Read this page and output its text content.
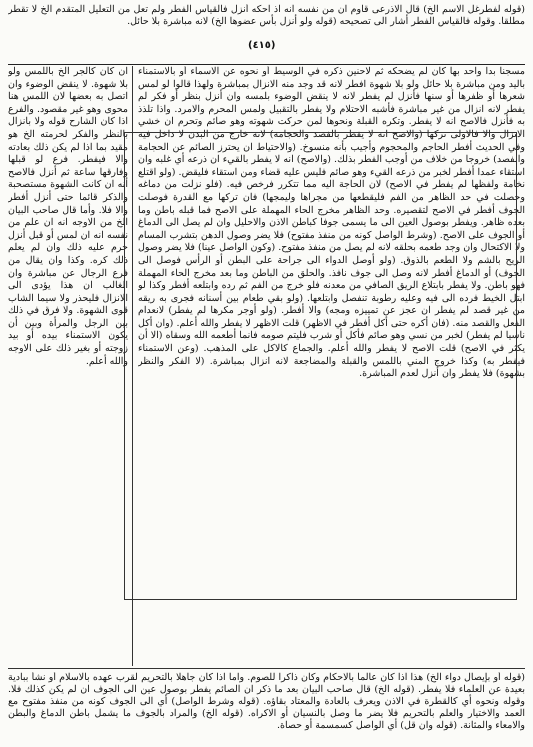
(قوله لفطرغل الاسم الخ) قال الاذرعى قاوم ان من نفسه انه اذ احكه أنزل فالقياس الفطر ولم تعل من التعليل المتقدم الخ لا تقطر مطلقا. وقوله فالقياس الفطر أشار الى تصحيحه (قوله ولو أنزل بأس عضوها الخ) لانه مباشرة بلا حائل.
(٤١٥)
مسجنا بدا واحد بها كان لم يضحكه ثم لاحنين ذكره في الوسيط أو نحوه عن الاسماء أو بالاستمناء باليد ومن مباشرة بلا حائل ولو بلا شهوة افطر لانه قد وجد منه الانزال بمباشرة ولهذا قالوا لو لمس شعرها أو ظفرها أو سنها فأنزل لم يفطر لانه لا ينقض الوضوء بلمسه وان أنزل بنظر أو فكر لم يفطر لانه انزال من غير مباشرة فأشبه الاحتلام ولا يفطر بالتقبيل ولمس المحرم والامرد. واذا تلذذ به فأنزل فالاصح انه لا يفطر. وتكره القبلة ونحوها لمن حركت شهوته وهو صائم وتحرم ان خشي الانزال والا فالاولى تركها (والاصح انه لا يفطر بالفصد والحجامة) لانه خارج من البدن لا داخل فيه وفي الحديث أفطر الحاجم والمحجوم وأجيب بأنه منسوخ. (والاحتياط ان يحترز الصائم عن الحجامة والفصد) خروجا من خلاف من أوجب الفطر بذلك. (والاصح) انه لا يفطر بالقيء ان ذرعه أي غلبه وان استقاء عمدا أفطر لخبر من ذرعه القيء وهو صائم فليس عليه قضاء ومن استقاء فليقض. (ولو اقتلع نخامة ولفظها لم يفطر في الاصح) لان الحاجة اليه مما تتكرر فرخص فيه. (فلو نزلت من دماغه وحصلت في حد الظاهر من الفم فليقطعها من مجراها وليمجها) فان تركها مع القدرة فوصلت الجوف أفطر في الاصح لتقصيره. وحد الظاهر مخرج الحاء المهملة على الاصح فما قبله باطن وما بعده ظاهر. ويفطر بوصول العين الى ما يسمى جوفا كباطن الاذن والاحليل وان لم يصل الى الدماغ أو الجوف على الاصح. (وشرط الواصل كونه من منفذ مفتوح) فلا يضر وصول الدهن بتشرب المسام ولا الاكتحال وان وجد طعمه بحلقه لانه لم يصل من منفذ مفتوح. (وكون الواصل عينا) فلا يضر وصول الريح بالشم ولا الطعم بالذوق. (ولو أوصل الدواء الى جراحة على البطن أو الرأس فوصل الى الجوف) أو الدماغ أفطر لانه وصل الى جوف نافذ. والحلق من الباطن وما بعد مخرج الحاء المهملة فهو باطن. ولا يفطر بابتلاع الريق الصافي من معدنه فلو خرج من الفم ثم رده وابتلعه أفطر وكذا لو ابتل الخيط فرده الى فيه وعليه رطوبة تنفصل وابتلعها. (ولو بقي طعام بين أسنانه فجرى به ريقه من غير قصد لم يفطر ان عجز عن تمييزه ومجه) والا أفطر. (ولو أوجر مكرها لم يفطر) لانعدام الفعل والقصد منه. (فان أكره حتى أكل أفطر في الاظهر) قلت الاظهر لا يفطر والله أعلم. (وان أكل ناسيا لم يفطر) لخبر من نسي وهو صائم فأكل أو شرب فليتم صومه فانما أطعمه الله وسقاه (الا أن يكثر في الاصح) قلت الاصح لا يفطر والله أعلم. والجماع كالاكل على المذهب. (وعن الاستمناء فيفطر به) وكذا خروج المني باللمس والقبلة والمضاجعة لانه انزال بمباشرة. (لا الفكر والنظر بشهوة) فلا يفطر وان أنزل لعدم المباشرة.
ان كان كالجر الخ باللمس ولو بلا شهوة. لا ينقض الوضوء وان اتصل به بعضها لان اللمس هنا محوى وهو غير مقصود. والفرع اذا كان الشارح قوله ولا بانزال بالنظر والفكر لحرمته الخ هو مقيد بما اذا لم يكن ذلك بعادته والا فيفطر. فرع لو قبلها وفارقها ساعة ثم أنزل فالاصح أنه ان كانت الشهوة مستصحبة والذكر قائما حتى أنزل أفطر والا فلا. وأما قال صاحب البيان الخ من الاوجه انه ان علم من نفسه انه ان لمس أو قبل أنزل حرم عليه ذلك وان لم يعلم ذلك كره. وكذا وان يقال من فرع الرجال عن مباشرة وان الغالب ان هذا يؤدى الى الانزال فليحذر ولا سيما الشاب قوى الشهوة. ولا فرق في ذلك بين الرجل والمرأة وبين أن يكون الاستمناء بيده أو بيد زوجته أو بغير ذلك على الاوجه والله أعلم.
(قوله أو بإيصال دواء الخ) هذا اذا كان عالما بالاحكام وكان ذاكرا للصوم. واما اذا كان جاهلا بالتحريم لقرب عهده بالاسلام أو نشأ ببادية بعيدة عن العلماء فلا يفطر. (قوله الخ) قال صاحب البيان بعد ما ذكر ان الصائم يفطر بوصول عين الى الجوف ان لم يكن كذلك فلا. وقوله ونحوه أي كالقطرة في الاذن ويعرف بالعادة والمعتاد بقاؤه. (قوله وشرط الواصل) أي الى الجوف كونه من منفذ مفتوح مع العمد والاختيار والعلم بالتحريم فلا يضر ما وصل بالنسيان أو الاكراه. (قوله الخ) والمراد بالجوف ما يشمل باطن الدماغ والبطن والامعاء والمثانة. (قوله وان قل) أي الواصل كسمسمة أو حصاة.
